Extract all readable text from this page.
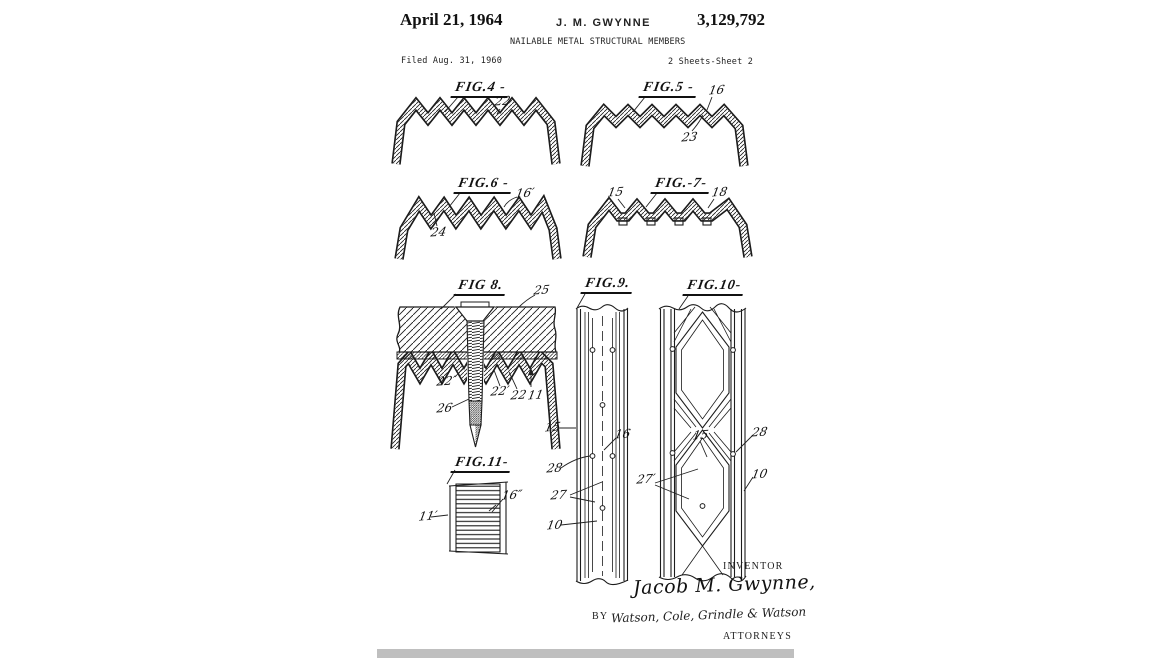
April 21, 1964	J. M. GWYNNE	3,129,792
NAILABLE METAL STRUCTURAL MEMBERS
Filed Aug. 31, 1960	2 Sheets-Sheet 2
FIG.4 -	FIG.5 -
FIG.6 -	FIG.-7-
FIG 8.	FIG.9.	FIG.10-
FIG.11-
22
16
23
16′
24
15	18
25
22′
22′ 22
11
26
15	16
28
27
10
27′
15	28
10
11′
16″
INVENTOR
Jacob M. Gwynne,
BY Watson, Cole, Grindle & Watson
ATTORNEYS
